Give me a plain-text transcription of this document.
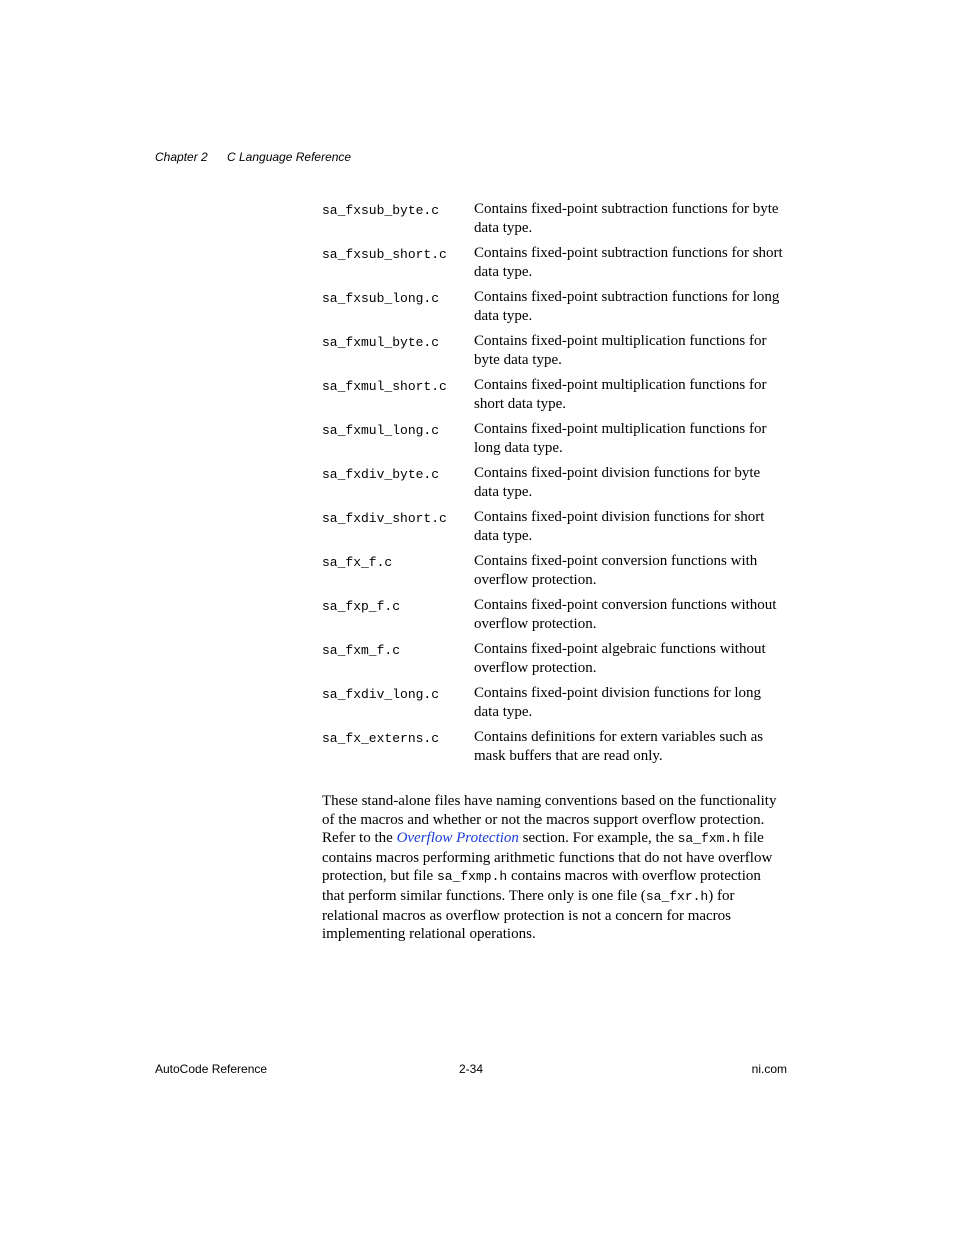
Chapter 2 C Language Reference
sa_fxsub_byte.c	Contains fixed-point subtraction functions for byte data type.
sa_fxsub_short.c	Contains fixed-point subtraction functions for short data type.
sa_fxsub_long.c	Contains fixed-point subtraction functions for long data type.
sa_fxmul_byte.c	Contains fixed-point multiplication functions for byte data type.
sa_fxmul_short.c	Contains fixed-point multiplication functions for short data type.
sa_fxmul_long.c	Contains fixed-point multiplication functions for long data type.
sa_fxdiv_byte.c	Contains fixed-point division functions for byte data type.
sa_fxdiv_short.c	Contains fixed-point division functions for short data type.
sa_fx_f.c	Contains fixed-point conversion functions with overflow protection.
sa_fxp_f.c	Contains fixed-point conversion functions without overflow protection.
sa_fxm_f.c	Contains fixed-point algebraic functions without overflow protection.
sa_fxdiv_long.c	Contains fixed-point division functions for long data type.
sa_fx_externs.c	Contains definitions for extern variables such as mask buffers that are read only.

These stand-alone files have naming conventions based on the functionality of the macros and whether or not the macros support overflow protection. Refer to the Overflow Protection section. For example, the sa_fxm.h file contains macros performing arithmetic functions that do not have overflow protection, but file sa_fxmp.h contains macros with overflow protection that perform similar functions. There only is one file (sa_fxr.h) for relational macros as overflow protection is not a concern for macros implementing relational operations.

AutoCode Reference	2-34	ni.com
